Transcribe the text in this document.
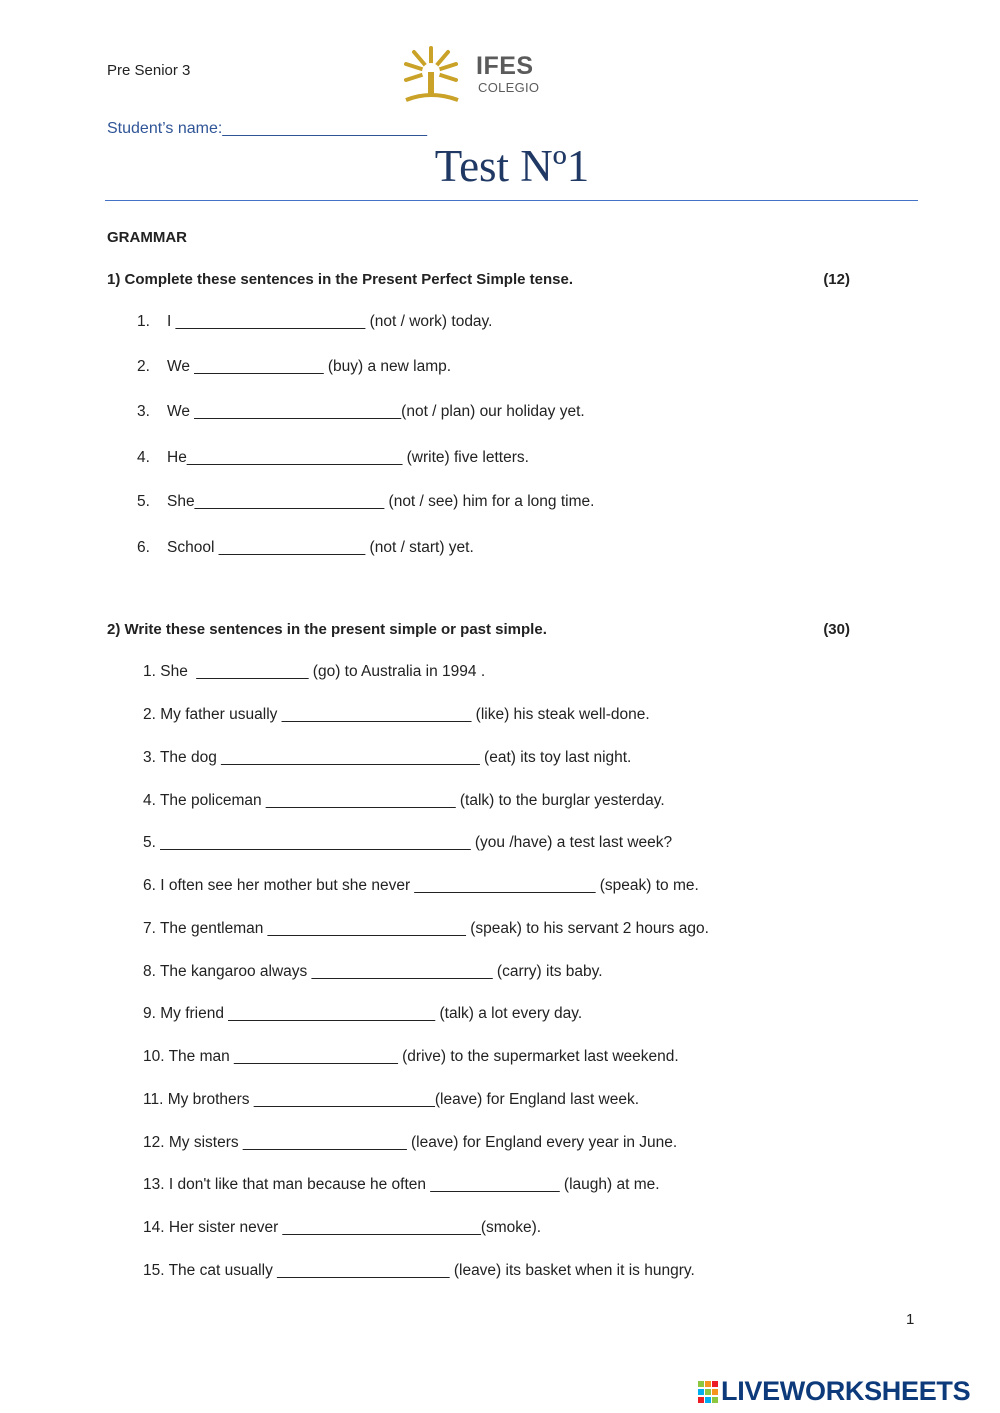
Pre Senior 3	IFES
COLEGIO
Student’s name:_______________________
Test Nº1
GRAMMAR
1) Complete these sentences in the Present Perfect Simple tense.	(12)
1.	I ______________________ (not / work) today.
2.	We _______________ (buy) a new lamp.
3.	We ________________________(not / plan) our holiday yet.
4.	He_________________________ (write) five letters.
5.	She______________________ (not / see) him for a long time.
6.	School _________________ (not / start) yet.
2) Write these sentences in the present simple or past simple.	(30)
1. She  _____________ (go) to Australia in 1994 .
2. My father usually ______________________ (like) his steak well-done.
3. The dog ______________________________ (eat) its toy last night.
4. The policeman ______________________ (talk) to the burglar yesterday.
5. ____________________________________ (you /have) a test last week?
6. I often see her mother but she never _____________________ (speak) to me.
7. The gentleman _______________________ (speak) to his servant 2 hours ago.
8. The kangaroo always _____________________ (carry) its baby.
9. My friend ________________________ (talk) a lot every day.
10. The man ___________________ (drive) to the supermarket last weekend.
11. My brothers _____________________(leave) for England last week.
12. My sisters ___________________ (leave) for England every year in June.
13. I don't like that man because he often _______________ (laugh) at me.
14. Her sister never _______________________(smoke).
15. The cat usually ____________________ (leave) its basket when it is hungry.
1
LIVEWORKSHEETS
